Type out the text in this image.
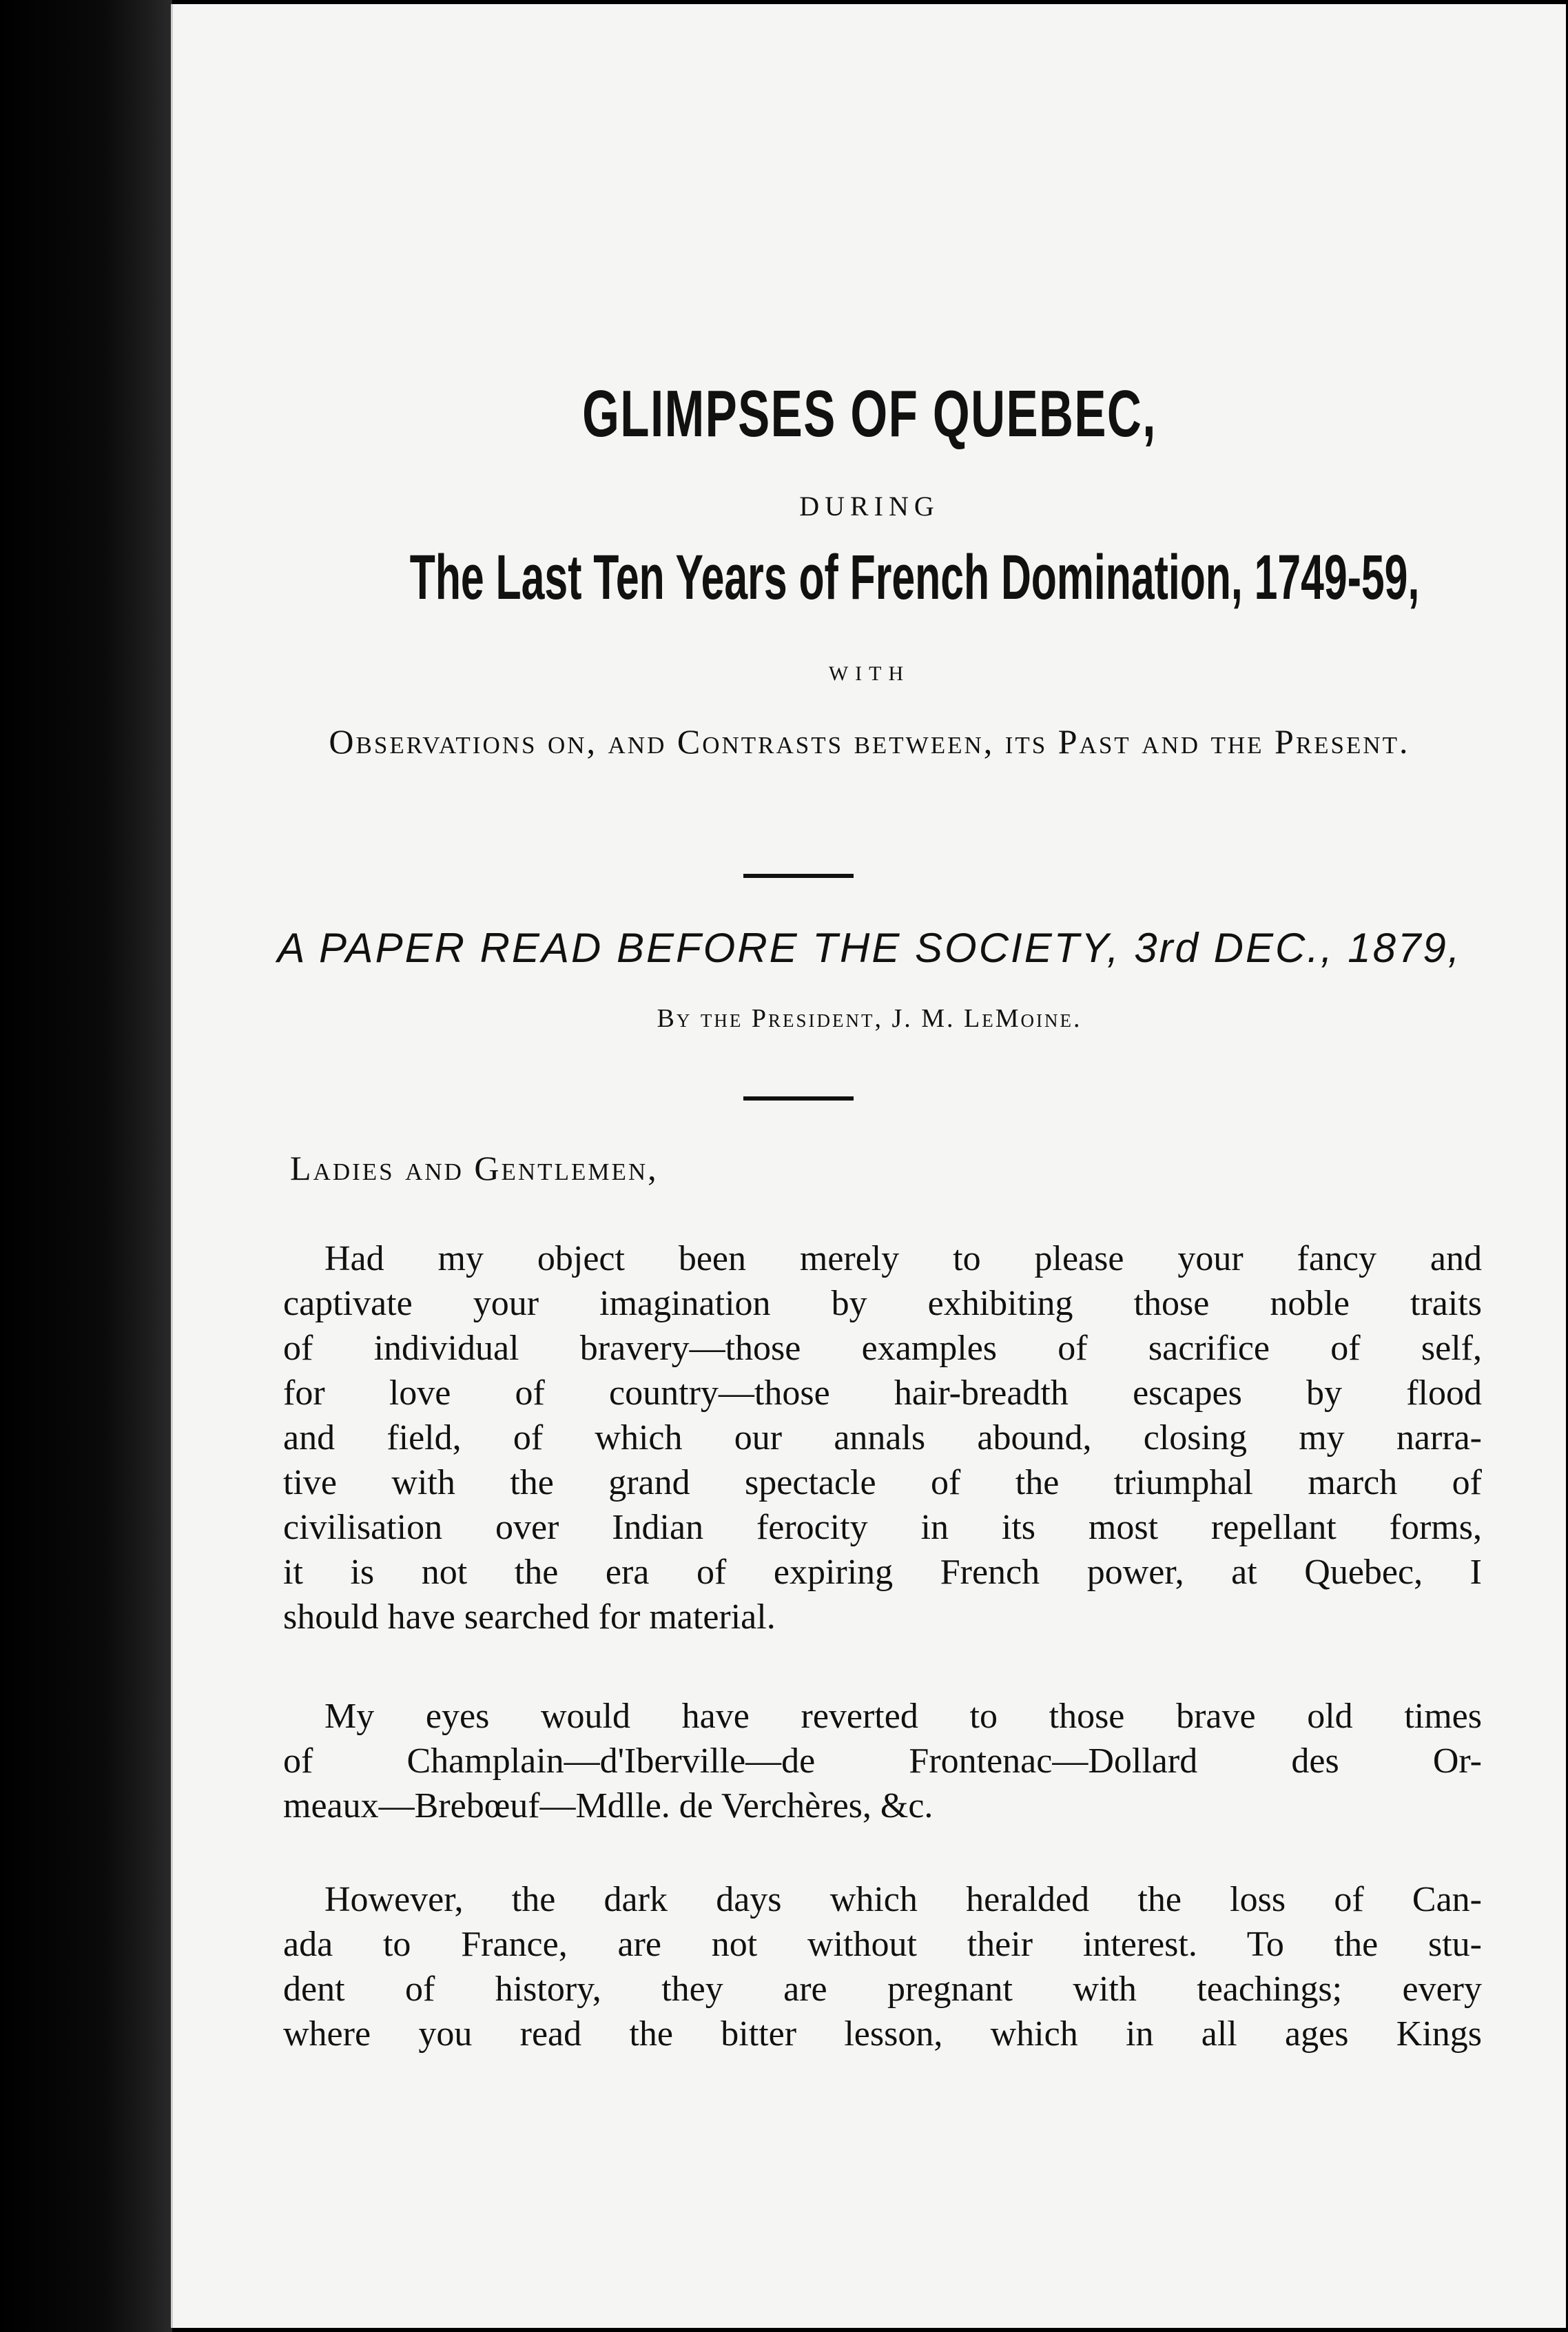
GLIMPSES OF QUEBEC,
DURING
The Last Ten Years of French Domination, 1749-59,
WITH
Observations on, and Contrasts between, its Past and the Present.
A PAPER READ BEFORE THE SOCIETY, 3rd DEC., 1879,
By the President, J. M. LeMoine.
Ladies and Gentlemen,
Had my object been merely to please your fancy and
captivate your imagination by exhibiting those noble traits
of individual bravery—those examples of sacrifice of self,
for love of country—those hair-breadth escapes by flood
and field, of which our annals abound, closing my narra-
tive with the grand spectacle of the triumphal march of
civilisation over Indian ferocity in its most repellant forms,
it is not the era of expiring French power, at Quebec, I
should have searched for material.
My eyes would have reverted to those brave old times
of Champlain—d'Iberville—de Frontenac—Dollard des Or-
meaux—Brebœuf—Mdlle. de Verchères, &c.
However, the dark days which heralded the loss of Can-
ada to France, are not without their interest. To the stu-
dent of history, they are pregnant with teachings; every
where you read the bitter lesson, which in all ages Kings
